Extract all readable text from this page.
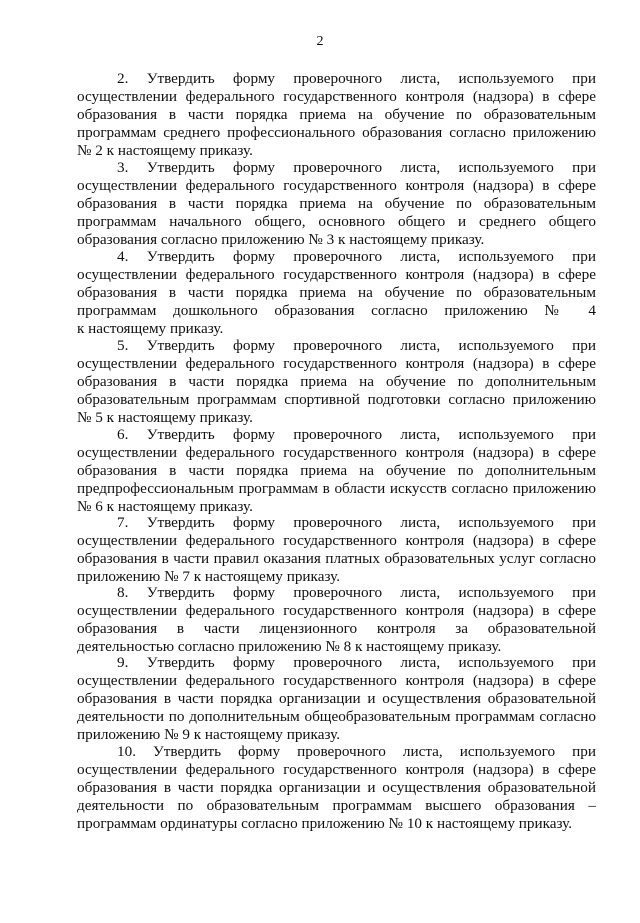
2
2. Утвердить форму проверочного листа, используемого при
осуществлении федерального государственного контроля (надзора) в сфере
образования в части порядка приема на обучение по образовательным
программам среднего профессионального образования согласно приложению
№ 2 к настоящему приказу.
3. Утвердить форму проверочного листа, используемого при
осуществлении федерального государственного контроля (надзора) в сфере
образования в части порядка приема на обучение по образовательным
программам начального общего, основного общего и среднего общего
образования согласно приложению № 3 к настоящему приказу.
4. Утвердить форму проверочного листа, используемого при
осуществлении федерального государственного контроля (надзора) в сфере
образования в части порядка приема на обучение по образовательным
программам дошкольного образования согласно приложению № 4
к настоящему приказу.
5. Утвердить форму проверочного листа, используемого при
осуществлении федерального государственного контроля (надзора) в сфере
образования в части порядка приема на обучение по дополнительным
образовательным программам спортивной подготовки согласно приложению
№ 5 к настоящему приказу.
6. Утвердить форму проверочного листа, используемого при
осуществлении федерального государственного контроля (надзора) в сфере
образования в части порядка приема на обучение по дополнительным
предпрофессиональным программам в области искусств согласно приложению
№ 6 к настоящему приказу.
7. Утвердить форму проверочного листа, используемого при
осуществлении федерального государственного контроля (надзора) в сфере
образования в части правил оказания платных образовательных услуг согласно
приложению № 7 к настоящему приказу.
8. Утвердить форму проверочного листа, используемого при
осуществлении федерального государственного контроля (надзора) в сфере
образования в части лицензионного контроля за образовательной
деятельностью согласно приложению № 8 к настоящему приказу.
9. Утвердить форму проверочного листа, используемого при
осуществлении федерального государственного контроля (надзора) в сфере
образования в части порядка организации и осуществления образовательной
деятельности по дополнительным общеобразовательным программам согласно
приложению № 9 к настоящему приказу.
10. Утвердить форму проверочного листа, используемого при
осуществлении федерального государственного контроля (надзора) в сфере
образования в части порядка организации и осуществления образовательной
деятельности по образовательным программам высшего образования –
программам ординатуры согласно приложению № 10 к настоящему приказу.
